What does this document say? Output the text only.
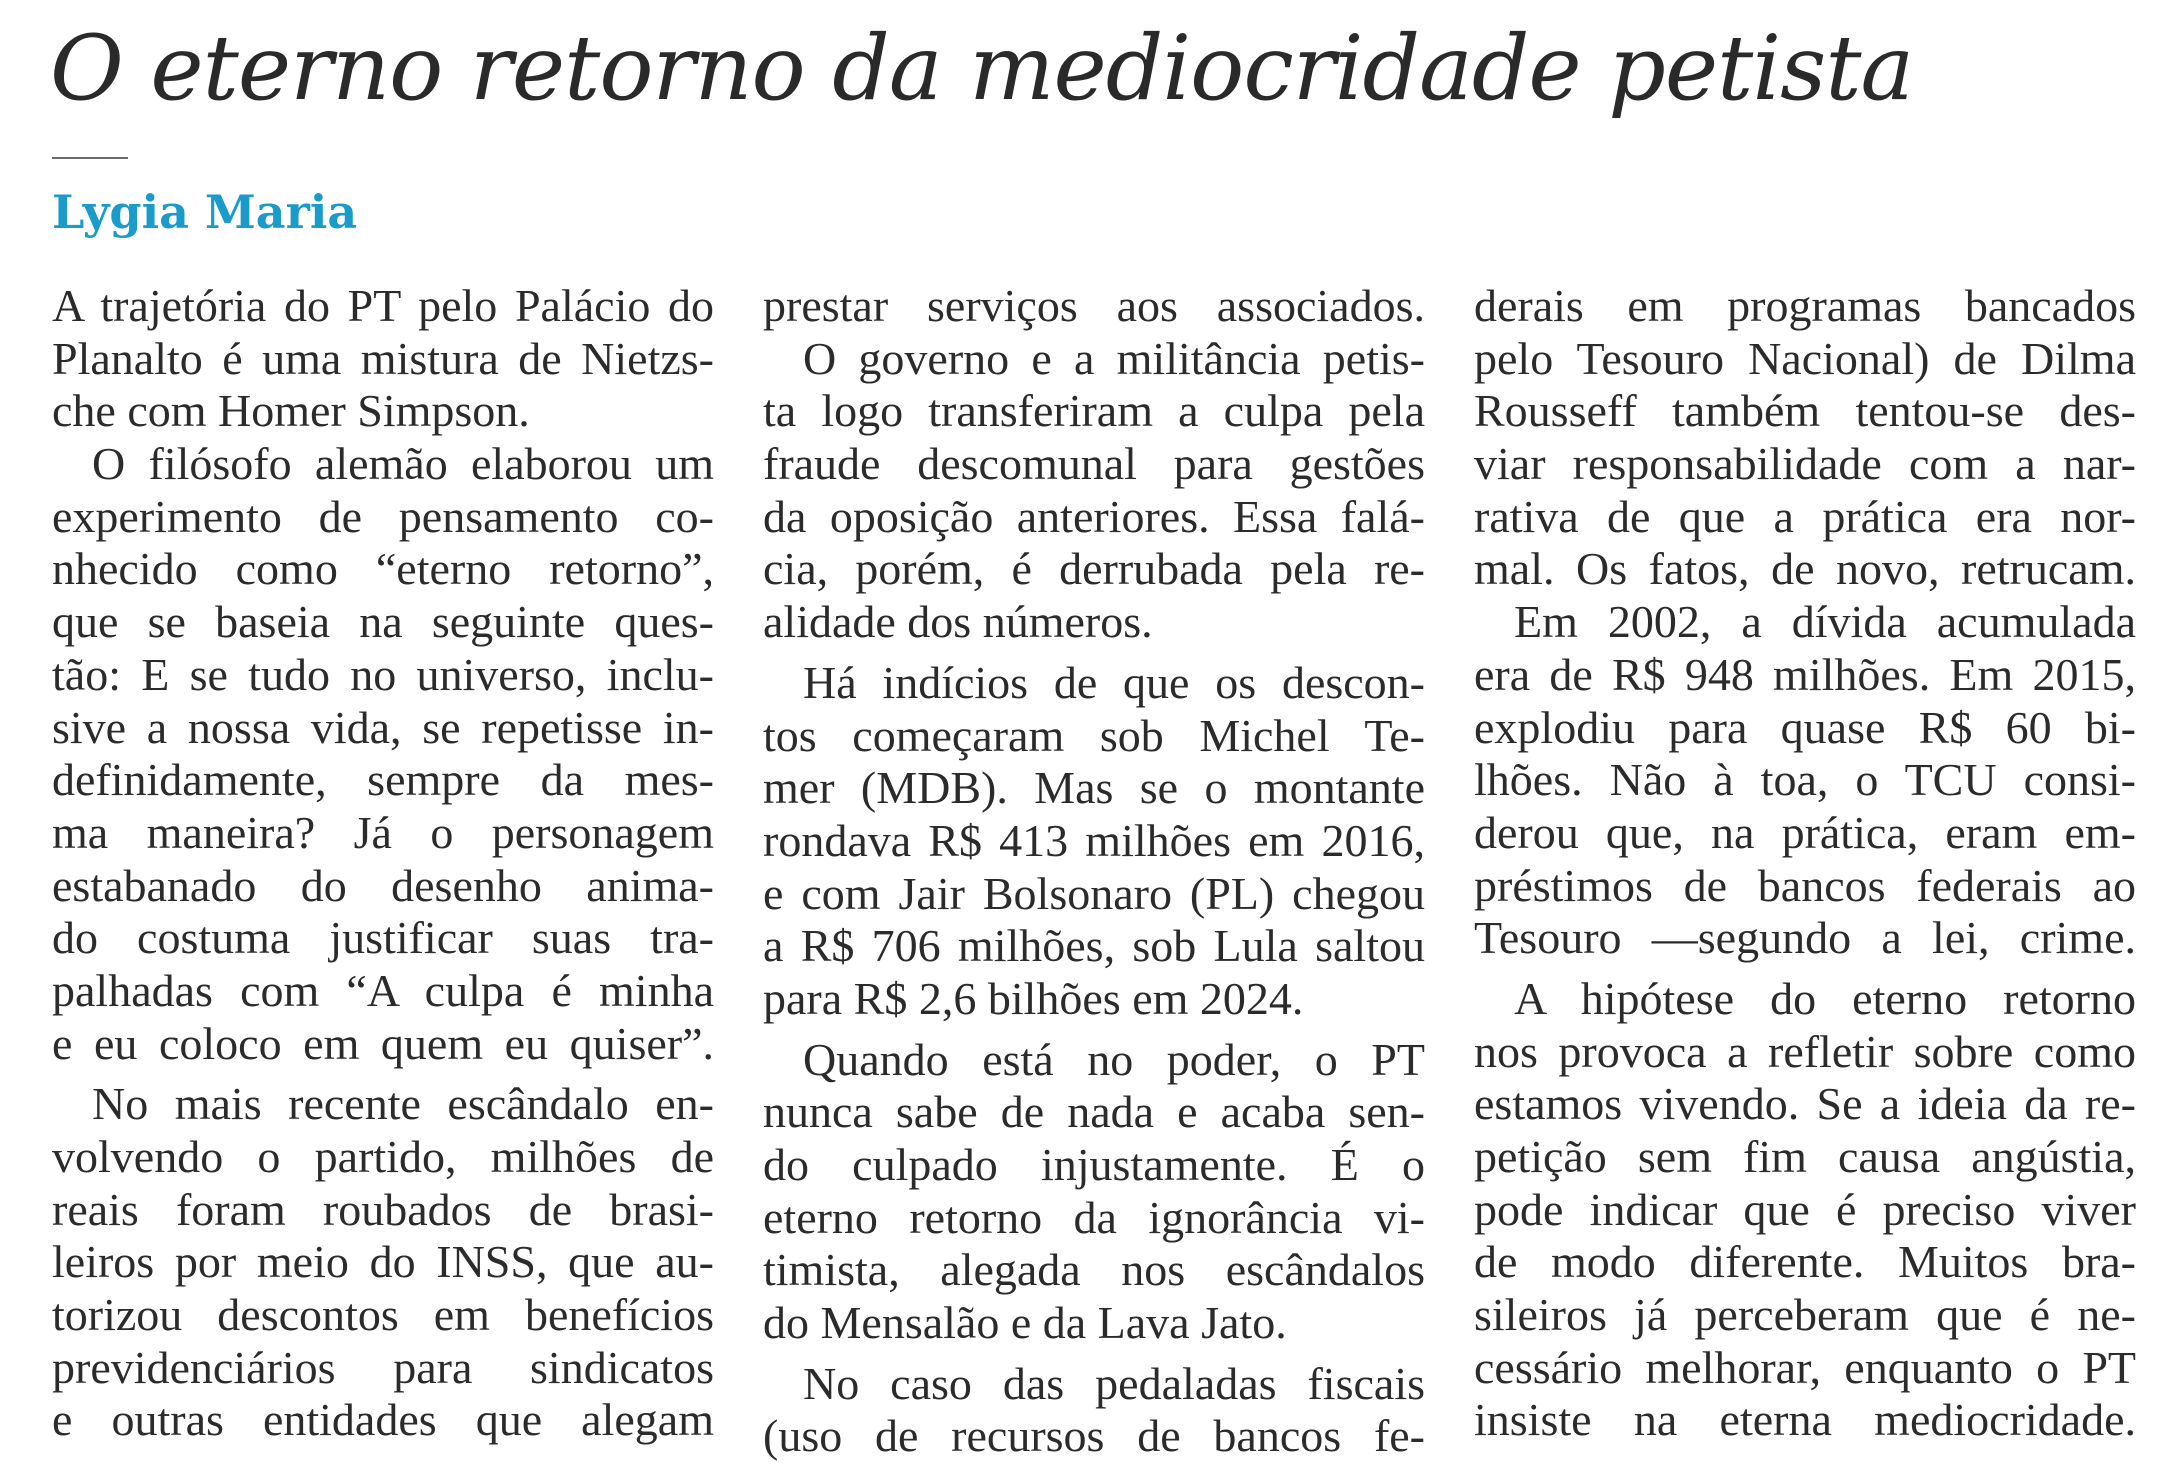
O eterno retorno da mediocridade petista
Lygia Maria
A trajetória do PT pelo Palácio do
Planalto é uma mistura de Nietzs-
che com Homer Simpson.
O filósofo alemão elaborou um
experimento de pensamento co-
nhecido como “eterno retorno”,
que se baseia na seguinte ques-
tão: E se tudo no universo, inclu-
sive a nossa vida, se repetisse in-
definidamente, sempre da mes-
ma maneira? Já o personagem
estabanado do desenho anima-
do costuma justificar suas tra-
palhadas com “A culpa é minha
e eu coloco em quem eu quiser”.
No mais recente escândalo en-
volvendo o partido, milhões de
reais foram roubados de brasi-
leiros por meio do INSS, que au-
torizou descontos em benefícios
previdenciários para sindicatos
e outras entidades que alegam
prestar serviços aos associados.
O governo e a militância petis-
ta logo transferiram a culpa pela
fraude descomunal para gestões
da oposição anteriores. Essa falá-
cia, porém, é derrubada pela re-
alidade dos números.
Há indícios de que os descon-
tos começaram sob Michel Te-
mer (MDB). Mas se o montante
rondava R$ 413 milhões em 2016,
e com Jair Bolsonaro (PL) chegou
a R$ 706 milhões, sob Lula saltou
para R$ 2,6 bilhões em 2024.
Quando está no poder, o PT
nunca sabe de nada e acaba sen-
do culpado injustamente. É o
eterno retorno da ignorância vi-
timista, alegada nos escândalos
do Mensalão e da Lava Jato.
No caso das pedaladas fiscais
(uso de recursos de bancos fe-
derais em programas bancados
pelo Tesouro Nacional) de Dilma
Rousseff também tentou-se des-
viar responsabilidade com a nar-
rativa de que a prática era nor-
mal. Os fatos, de novo, retrucam.
Em 2002, a dívida acumulada
era de R$ 948 milhões. Em 2015,
explodiu para quase R$ 60 bi-
lhões. Não à toa, o TCU consi-
derou que, na prática, eram em-
préstimos de bancos federais ao
Tesouro —segundo a lei, crime.
A hipótese do eterno retorno
nos provoca a refletir sobre como
estamos vivendo. Se a ideia da re-
petição sem fim causa angústia,
pode indicar que é preciso viver
de modo diferente. Muitos bra-
sileiros já perceberam que é ne-
cessário melhorar, enquanto o PT
insiste na eterna mediocridade.
